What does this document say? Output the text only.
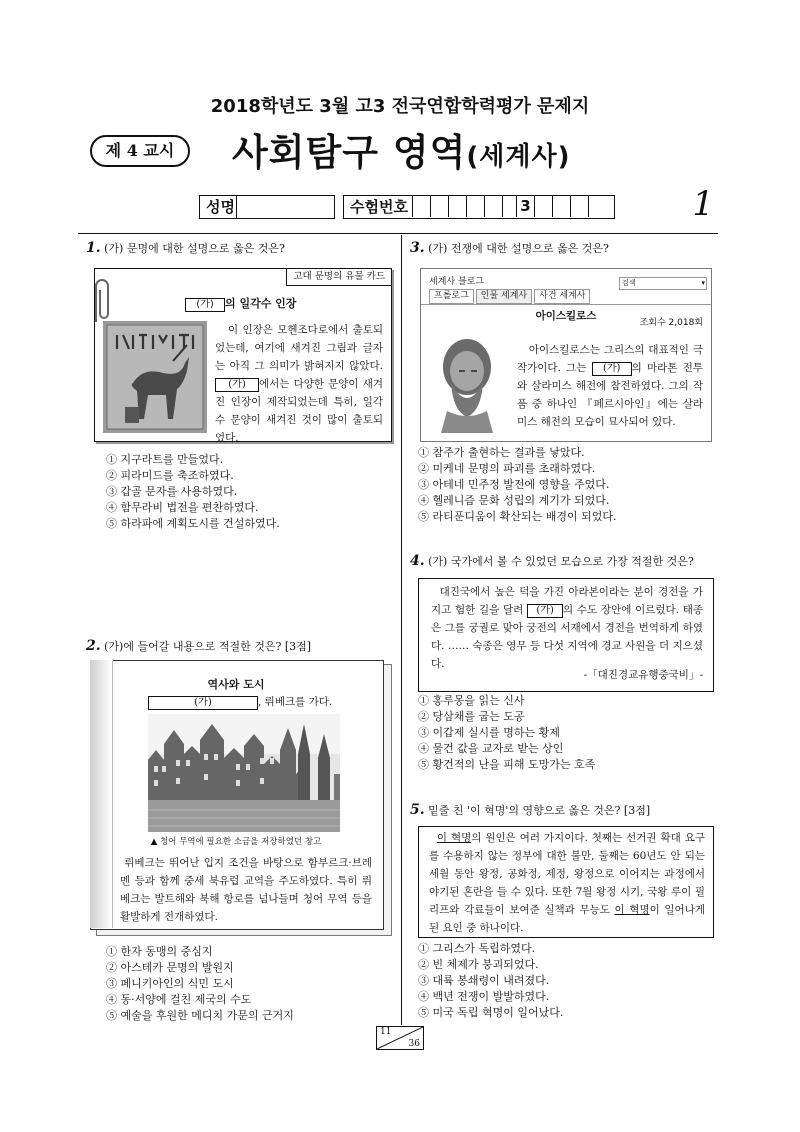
2018학년도 3월 고3 전국연합학력평가 문제지
제 4 교시	사회탐구 영역(세계사)
성명	수험번호	3	1
1. (가) 문명에 대한 설명으로 옳은 것은?
고대 문명의 유물 카드
(가) 의 일각수 인장
이 인장은 모헨조다로에서 출토되었는데, 여기에 새겨진 그림과 글자는 아직 그 의미가 밝혀지지 않았다. (가) 에서는 다양한 문양이 새겨진 인장이 제작되었는데 특히, 일각수 문양이 새겨진 것이 많이 출토되었다.
① 지구라트를 만들었다.
② 피라미드를 축조하였다.
③ 갑골 문자를 사용하였다.
④ 함무라비 법전을 편찬하였다.
⑤ 하라파에 계획도시를 건설하였다.
2. (가)에 들어갈 내용으로 적절한 것은? [3점]
역사와 도시
(가)	, 뤼베크를 가다.
▲ 청어 무역에 필요한 소금을 저장하였던 창고
뤼베크는 뛰어난 입지 조건을 바탕으로 함부르크·브레멘 등과 함께 중세 북유럽 교역을 주도하였다. 특히 뤼베크는 발트해와 북해 항로를 넘나들며 청어 무역 등을 활발하게 전개하였다.
① 한자 동맹의 중심지
② 아스테카 문명의 발원지
③ 페니키아인의 식민 도시
④ 동·서양에 걸친 제국의 수도
⑤ 예술을 후원한 메디치 가문의 근거지
3. (가) 전쟁에 대한 설명으로 옳은 것은?
세계사 블로그	검색	▾
프롤로그	인물 세계사	사건 세계사
아이스킬로스
조회수 2,018회
아이스킬로스는 그리스의 대표적인 극작가이다. 그는 (가) 의 마라톤 전투와 살라미스 해전에 참전하였다. 그의 작품 중 하나인 『페르시아인』에는 살라미스 해전의 모습이 묘사되어 있다.
① 참주가 출현하는 결과를 낳았다.
② 미케네 문명의 파괴를 초래하였다.
③ 아테네 민주정 발전에 영향을 주었다.
④ 헬레니즘 문화 성립의 계기가 되었다.
⑤ 라티푼디움이 확산되는 배경이 되었다.
4. (가) 국가에서 볼 수 있었던 모습으로 가장 적절한 것은?
대진국에서 높은 덕을 가진 아라본이라는 분이 경전을 가지고 험한 길을 달려 (가) 의 수도 장안에 이르렀다. 태종은 그를 궁궐로 맞아 궁전의 서재에서 경전을 번역하게 하였다. …… 숙종은 영무 등 다섯 지역에 경교 사원을 더 지으셨다.
-「대진경교유행중국비」-
① 홍루몽을 읽는 신사
② 당삼채를 굽는 도공
③ 이갑제 실시를 명하는 황제
④ 물건 값을 교자로 받는 상인
⑤ 황건적의 난을 피해 도망가는 호족
5. 밑줄 친 '이 혁명'의 영향으로 옳은 것은? [3점]
이 혁명의 원인은 여러 가지이다. 첫째는 선거권 확대 요구를 수용하지 않는 정부에 대한 불만, 둘째는 60년도 안 되는 세월 동안 왕정, 공화정, 제정, 왕정으로 이어지는 과정에서 야기된 혼란을 들 수 있다. 또한 7월 왕정 시기, 국왕 루이 필리프와 각료들이 보여준 실책과 무능도 이 혁명이 일어나게 된 요인 중 하나이다.
① 그리스가 독립하였다.
② 빈 체제가 붕괴되었다.
③ 대륙 봉쇄령이 내려졌다.
④ 백년 전쟁이 발발하였다.
⑤ 미국 독립 혁명이 일어났다.
11
36
